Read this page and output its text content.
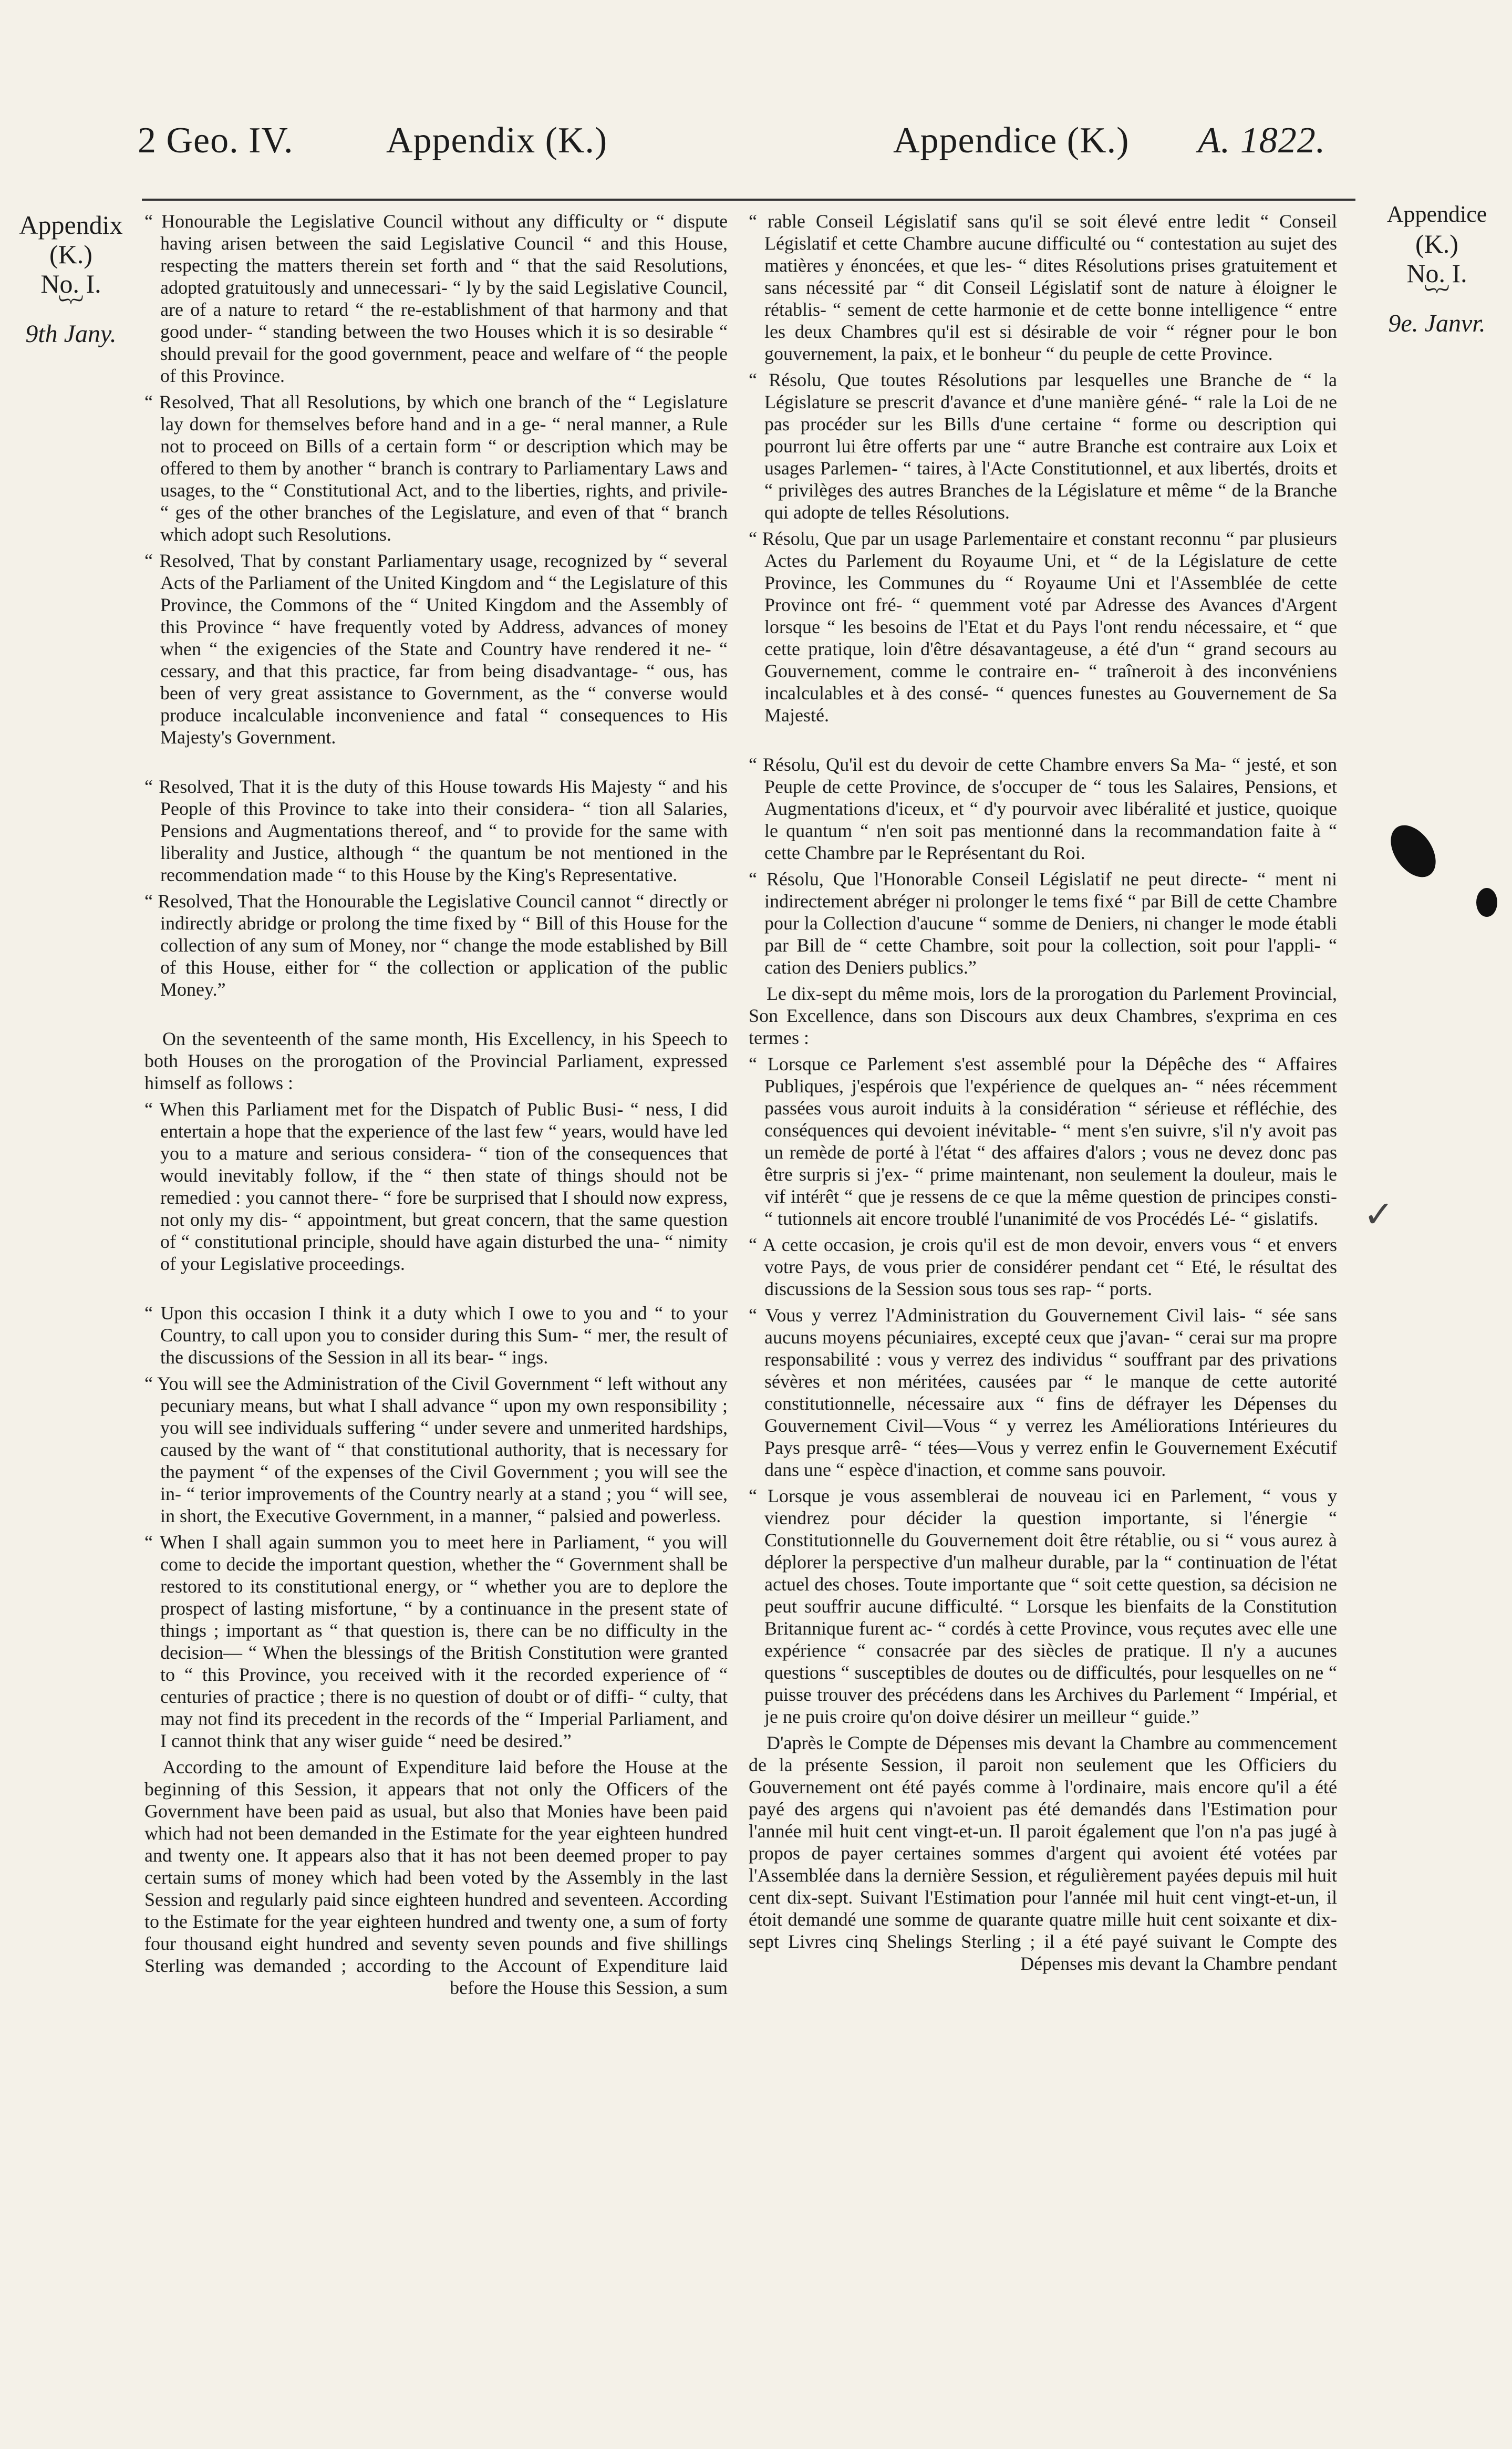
2 Geo. IV.	Appendix (K.)	Appendice (K.) A. 1822.
Appendix
(K.)
No. I.
︸
9th Jany.
Appendice
(K.)
No. I.
︸
9e. Janvr.

“ Honourable the Legislative Council without any difficulty or “ dispute having arisen between the said Legislative Council “ and this House, respecting the matters therein set forth and “ that the said Resolutions, adopted gratuitously and unnecessari- “ ly by the said Legislative Council, are of a nature to retard “ the re-establishment of that harmony and that good under- “ standing between the two Houses which it is so desirable “ should prevail for the good government, peace and welfare of “ the people of this Province.

“ Resolved, That all Resolutions, by which one branch of the “ Legislature lay down for themselves before hand and in a ge- “ neral manner, a Rule not to proceed on Bills of a certain form “ or description which may be offered to them by another “ branch is contrary to Parliamentary Laws and usages, to the “ Constitutional Act, and to the liberties, rights, and privile- “ ges of the other branches of the Legislature, and even of that “ branch which adopt such Resolutions.

“ Resolved, That by constant Parliamentary usage, recognized by “ several Acts of the Parliament of the United Kingdom and “ the Legislature of this Province, the Commons of the “ United Kingdom and the Assembly of this Province “ have frequently voted by Address, advances of money when “ the exigencies of the State and Country have rendered it ne- “ cessary, and that this practice, far from being disadvantage- “ ous, has been of very great assistance to Government, as the “ converse would produce incalculable inconvenience and fatal “ consequences to His Majesty's Government.

“ Resolved, That it is the duty of this House towards His Majesty “ and his People of this Province to take into their considera- “ tion all Salaries, Pensions and Augmentations thereof, and “ to provide for the same with liberality and Justice, although “ the quantum be not mentioned in the recommendation made “ to this House by the King's Representative.

“ Resolved, That the Honourable the Legislative Council cannot “ directly or indirectly abridge or prolong the time fixed by “ Bill of this House for the collection of any sum of Money, nor “ change the mode established by Bill of this House, either for “ the collection or application of the public Money.”

On the seventeenth of the same month, His Excellency, in his Speech to both Houses on the prorogation of the Provincial Parliament, expressed himself as follows :

“ When this Parliament met for the Dispatch of Public Busi- “ ness, I did entertain a hope that the experience of the last few “ years, would have led you to a mature and serious considera- “ tion of the consequences that would inevitably follow, if the “ then state of things should not be remedied : you cannot there- “ fore be surprised that I should now express, not only my dis- “ appointment, but great concern, that the same question of “ constitutional principle, should have again disturbed the una- “ nimity of your Legislative proceedings.

“ Upon this occasion I think it a duty which I owe to you and “ to your Country, to call upon you to consider during this Sum- “ mer, the result of the discussions of the Session in all its bear- “ ings.

“ You will see the Administration of the Civil Government “ left without any pecuniary means, but what I shall advance “ upon my own responsibility ; you will see individuals suffering “ under severe and unmerited hardships, caused by the want of “ that constitutional authority, that is necessary for the payment “ of the expenses of the Civil Government ; you will see the in- “ terior improvements of the Country nearly at a stand ; you “ will see, in short, the Executive Government, in a manner, “ palsied and powerless.

“ When I shall again summon you to meet here in Parliament, “ you will come to decide the important question, whether the “ Government shall be restored to its constitutional energy, or “ whether you are to deplore the prospect of lasting misfortune, “ by a continuance in the present state of things ; important as “ that question is, there can be no difficulty in the decision— “ When the blessings of the British Constitution were granted to “ this Province, you received with it the recorded experience of “ centuries of practice ; there is no question of doubt or of diffi- “ culty, that may not find its precedent in the records of the “ Imperial Parliament, and I cannot think that any wiser guide “ need be desired.”

According to the amount of Expenditure laid before the House at the beginning of this Session, it appears that not only the Officers of the Government have been paid as usual, but also that Monies have been paid which had not been demanded in the Estimate for the year eighteen hundred and twenty one. It appears also that it has not been deemed proper to pay certain sums of money which had been voted by the Assembly in the last Session and regularly paid since eighteen hundred and seventeen. According to the Estimate for the year eighteen hundred and twenty one, a sum of forty four thousand eight hundred and seventy seven pounds and five shillings Sterling was demanded ; according to the Account of Expenditure laid before the House this Session, a sum

“ rable Conseil Législatif sans qu'il se soit élevé entre ledit “ Conseil Législatif et cette Chambre aucune difficulté ou “ contestation au sujet des matières y énoncées, et que les- “ dites Résolutions prises gratuitement et sans nécessité par “ dit Conseil Législatif sont de nature à éloigner le rétablis- “ sement de cette harmonie et de cette bonne intelligence “ entre les deux Chambres qu'il est si désirable de voir “ régner pour le bon gouvernement, la paix, et le bonheur “ du peuple de cette Province.

“ Résolu, Que toutes Résolutions par lesquelles une Branche de “ la Législature se prescrit d'avance et d'une manière géné- “ rale la Loi de ne pas procéder sur les Bills d'une certaine “ forme ou description qui pourront lui être offerts par une “ autre Branche est contraire aux Loix et usages Parlemen- “ taires, à l'Acte Constitutionnel, et aux libertés, droits et “ privilèges des autres Branches de la Législature et même “ de la Branche qui adopte de telles Résolutions.

“ Résolu, Que par un usage Parlementaire et constant reconnu “ par plusieurs Actes du Parlement du Royaume Uni, et “ de la Législature de cette Province, les Communes du “ Royaume Uni et l'Assemblée de cette Province ont fré- “ quemment voté par Adresse des Avances d'Argent lorsque “ les besoins de l'Etat et du Pays l'ont rendu nécessaire, et “ que cette pratique, loin d'être désavantageuse, a été d'un “ grand secours au Gouvernement, comme le contraire en- “ traîneroit à des inconvéniens incalculables et à des consé- “ quences funestes au Gouvernement de Sa Majesté.

“ Résolu, Qu'il est du devoir de cette Chambre envers Sa Ma- “ jesté, et son Peuple de cette Province, de s'occuper de “ tous les Salaires, Pensions, et Augmentations d'iceux, et “ d'y pourvoir avec libéralité et justice, quoique le quantum “ n'en soit pas mentionné dans la recommandation faite à “ cette Chambre par le Représentant du Roi.

“ Résolu, Que l'Honorable Conseil Législatif ne peut directe- “ ment ni indirectement abréger ni prolonger le tems fixé “ par Bill de cette Chambre pour la Collection d'aucune “ somme de Deniers, ni changer le mode établi par Bill de “ cette Chambre, soit pour la collection, soit pour l'appli- “ cation des Deniers publics.”

Le dix-sept du même mois, lors de la prorogation du Parlement Provincial, Son Excellence, dans son Discours aux deux Chambres, s'exprima en ces termes :

“ Lorsque ce Parlement s'est assemblé pour la Dépêche des “ Affaires Publiques, j'espérois que l'expérience de quelques an- “ nées récemment passées vous auroit induits à la considération “ sérieuse et réfléchie, des conséquences qui devoient inévitable- “ ment s'en suivre, s'il n'y avoit pas un remède de porté à l'état “ des affaires d'alors ; vous ne devez donc pas être surpris si j'ex- “ prime maintenant, non seulement la douleur, mais le vif intérêt “ que je ressens de ce que la même question de principes consti- “ tutionnels ait encore troublé l'unanimité de vos Procédés Lé- “ gislatifs.

“ A cette occasion, je crois qu'il est de mon devoir, envers vous “ et envers votre Pays, de vous prier de considérer pendant cet “ Eté, le résultat des discussions de la Session sous tous ses rap- “ ports.

“ Vous y verrez l'Administration du Gouvernement Civil lais- “ sée sans aucuns moyens pécuniaires, excepté ceux que j'avan- “ cerai sur ma propre responsabilité : vous y verrez des individus “ souffrant par des privations sévères et non méritées, causées par “ le manque de cette autorité constitutionnelle, nécessaire aux “ fins de défrayer les Dépenses du Gouvernement Civil—Vous “ y verrez les Améliorations Intérieures du Pays presque arrê- “ tées—Vous y verrez enfin le Gouvernement Exécutif dans une “ espèce d'inaction, et comme sans pouvoir.

“ Lorsque je vous assemblerai de nouveau ici en Parlement, “ vous y viendrez pour décider la question importante, si l'énergie “ Constitutionnelle du Gouvernement doit être rétablie, ou si “ vous aurez à déplorer la perspective d'un malheur durable, par la “ continuation de l'état actuel des choses. Toute importante que “ soit cette question, sa décision ne peut souffrir aucune difficulté. “ Lorsque les bienfaits de la Constitution Britannique furent ac- “ cordés à cette Province, vous reçutes avec elle une expérience “ consacrée par des siècles de pratique. Il n'y a aucunes questions “ susceptibles de doutes ou de difficultés, pour lesquelles on ne “ puisse trouver des précédens dans les Archives du Parlement “ Impérial, et je ne puis croire qu'on doive désirer un meilleur “ guide.”

D'après le Compte de Dépenses mis devant la Chambre au commencement de la présente Session, il paroit non seulement que les Officiers du Gouvernement ont été payés comme à l'ordinaire, mais encore qu'il a été payé des argens qui n'avoient pas été demandés dans l'Estimation pour l'année mil huit cent vingt-et-un. Il paroit également que l'on n'a pas jugé à propos de payer certaines sommes d'argent qui avoient été votées par l'Assemblée dans la dernière Session, et régulièrement payées depuis mil huit cent dix-sept. Suivant l'Estimation pour l'année mil huit cent vingt-et-un, il étoit demandé une somme de quarante quatre mille huit cent soixante et dix-sept Livres cinq Shelings Sterling ; il a été payé suivant le Compte des Dépenses mis devant la Chambre pendant

✓
